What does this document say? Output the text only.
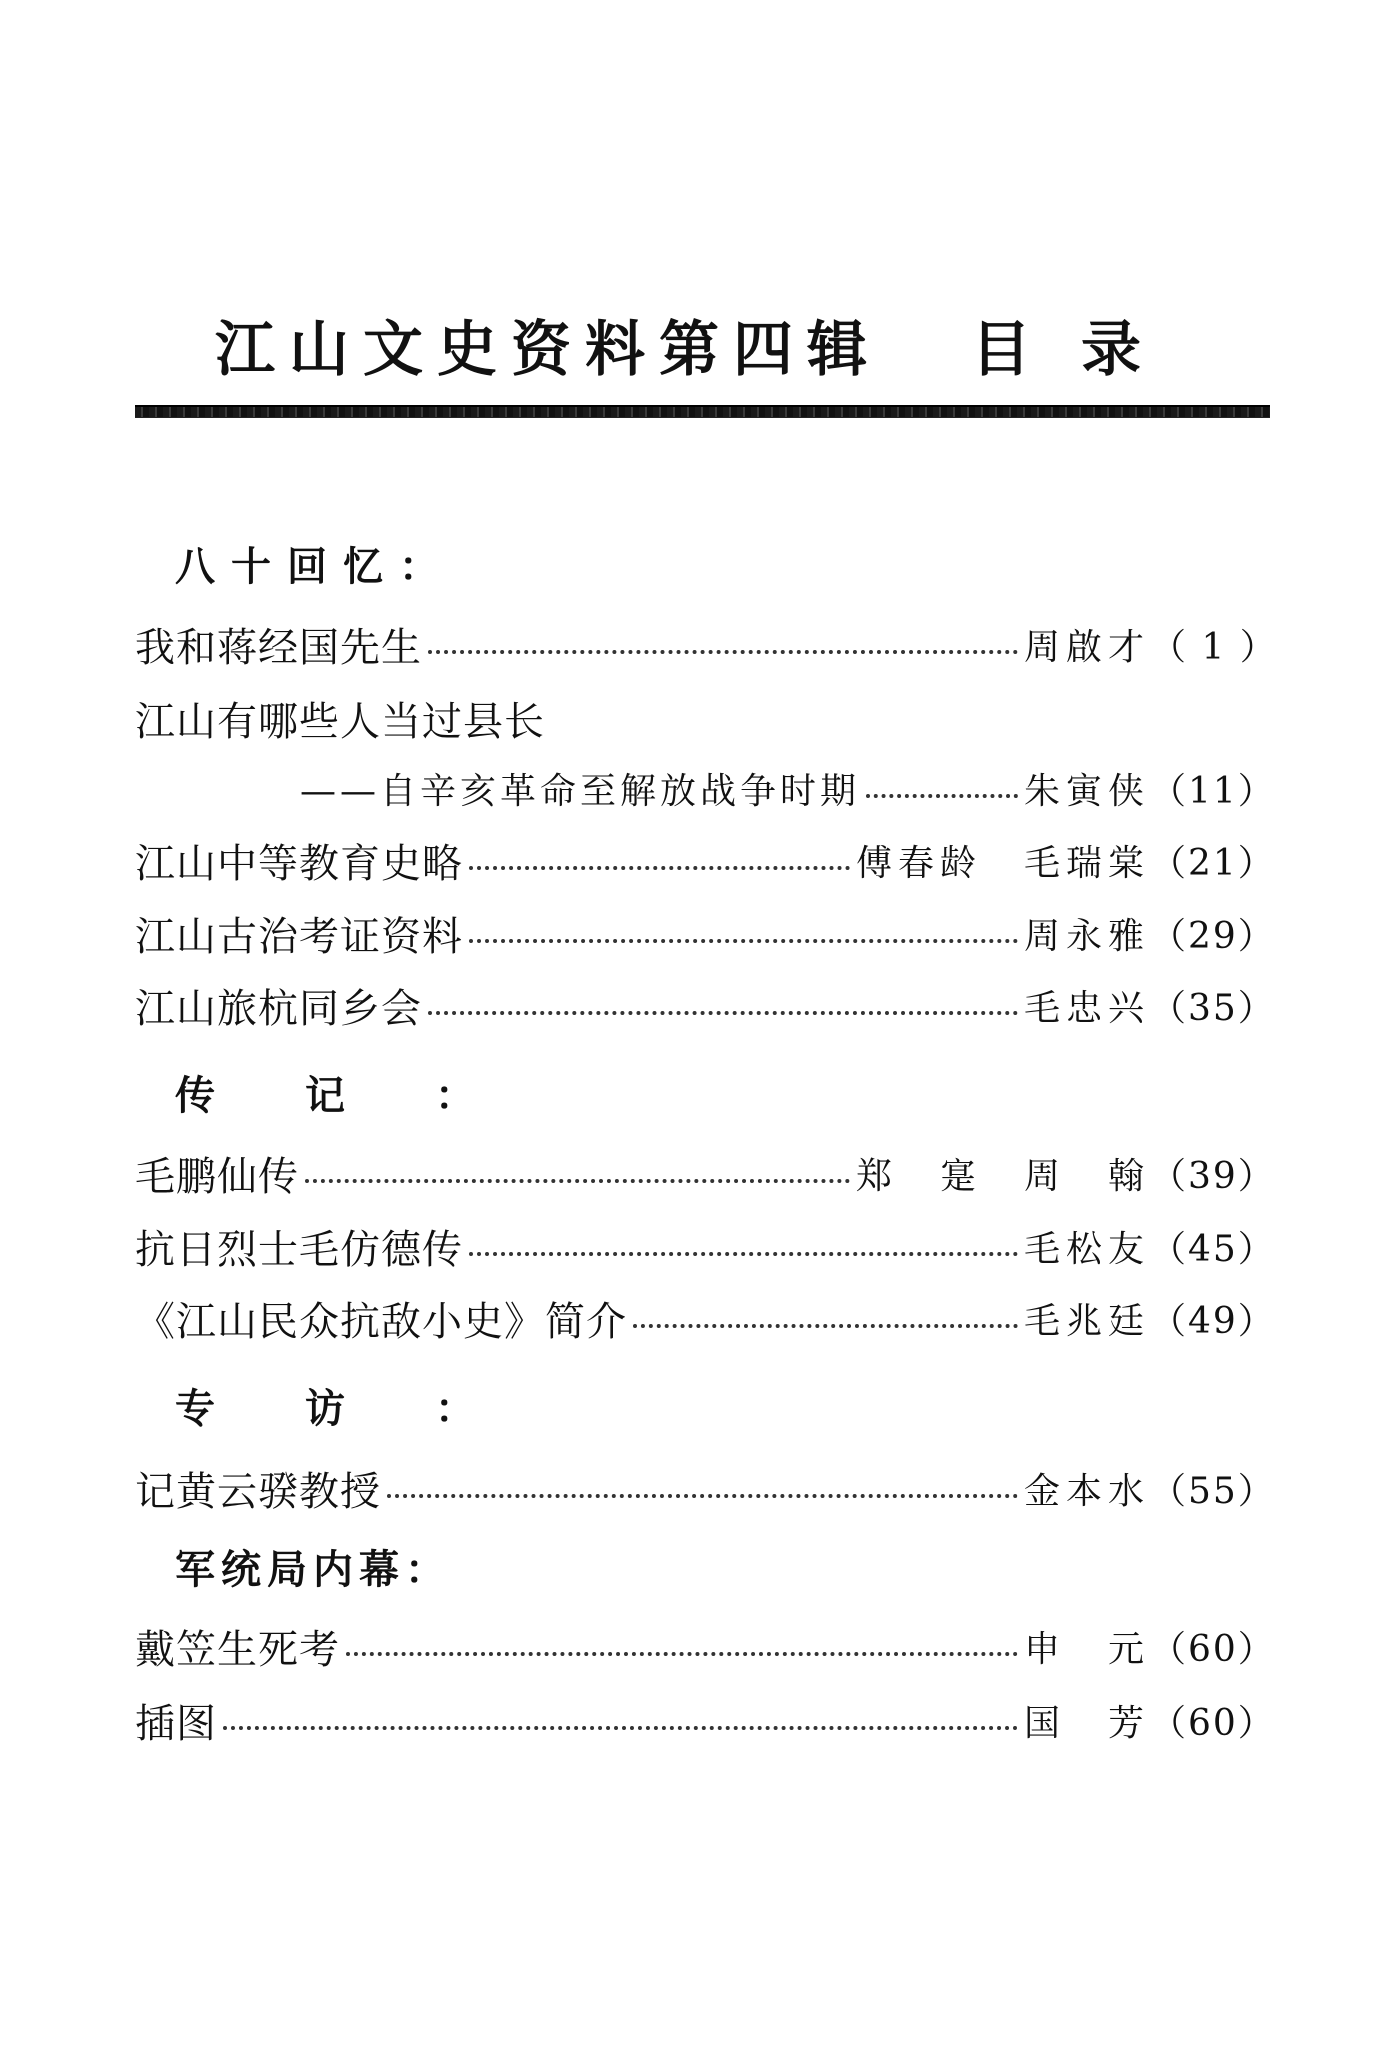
江山文史资料第四辑 目录
八十回忆：
我和蒋经国先生	周啟才 （ 1 ）
江山有哪些人当过县长
——自辛亥革命至解放战争时期	朱寅侠 （11）
江山中等教育史略	傅春龄　毛瑞棠 （21）
江山古治考证资料	周永雅 （29）
江山旅杭同乡会	毛忠兴 （35）
传记：
毛鹏仙传	郑　寔　周　翰 （39）
抗日烈士毛仿德传	毛松友 （45）
《江山民众抗敌小史》简介	毛兆廷 （49）
专访：
记黄云骙教授	金本水 （55）
军统局内幕：
戴笠生死考	申　元 （60）
插图	国　芳 （60）
